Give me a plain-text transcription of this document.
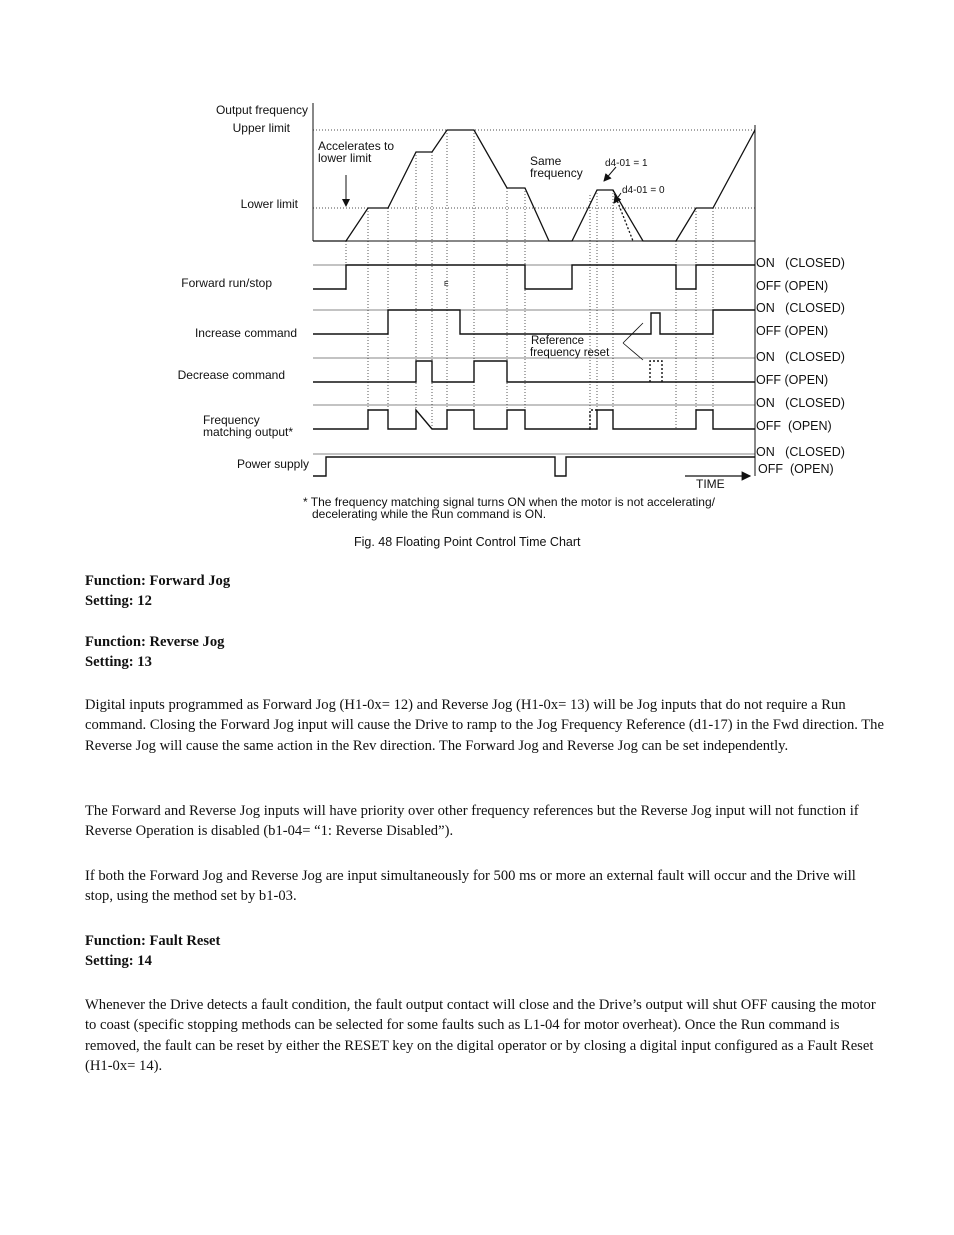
Output frequency
Upper limit
Lower limit
Accelerates to
lower limit	Same
frequency
d4-01 = 1
d4-01 = 0
Reference
frequency reset
E
Forward run/stop
Increase command
Decrease command
Frequency
matching output*
Power supply
ON   (CLOSED)
OFF (OPEN)
ON   (CLOSED)
OFF (OPEN)
ON   (CLOSED)
OFF (OPEN)
ON   (CLOSED)
OFF  (OPEN)
ON   (CLOSED)
OFF  (OPEN)
TIME
* The frequency matching signal turns ON when the motor is not accelerating/
decelerating while the Run command is ON.
Fig. 48 Floating Point Control Time Chart

Function: Forward Jog

Setting: 12

Function: Reverse Jog

Setting: 13

Digital inputs programmed as Forward Jog (H1-0x= 12) and Reverse Jog (H1-0x= 13) will be Jog inputs that do not require a Run command. Closing the Forward Jog input will cause the Drive to ramp to the Jog Frequency Reference (d1-17) in the Fwd direction. The Reverse Jog will cause the same action in the Rev direction. The Forward Jog and Reverse Jog can be set independently.

The Forward and Reverse Jog inputs will have priority over other frequency references but the Reverse Jog input will not function if Reverse Operation is disabled (b1-04= “1: Reverse Disabled”).

If both the Forward Jog and Reverse Jog are input simultaneously for 500 ms or more an external fault will occur and the Drive will stop, using the method set by b1-03.

Function: Fault Reset

Setting: 14

Whenever the Drive detects a fault condition, the fault output contact will close and the Drive’s output will shut OFF causing the motor to coast (specific stopping methods can be selected for some faults such as L1-04 for motor overheat). Once the Run command is removed, the fault can be reset by either the RESET key on the digital operator or by closing a digital input configured as a Fault Reset (H1-0x= 14).
